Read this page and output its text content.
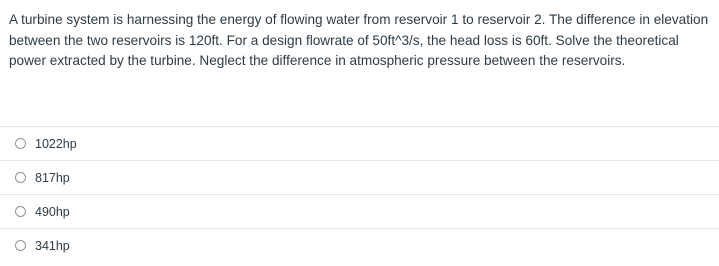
A turbine system is harnessing the energy of flowing water from reservoir 1 to reservoir 2. The difference in elevation between the two reservoirs is 120ft. For a design flowrate of 50ft^3/s, the head loss is 60ft. Solve the theoretical power extracted by the turbine. Neglect the difference in atmospheric pressure between the reservoirs.
1022hp
817hp
490hp
341hp
